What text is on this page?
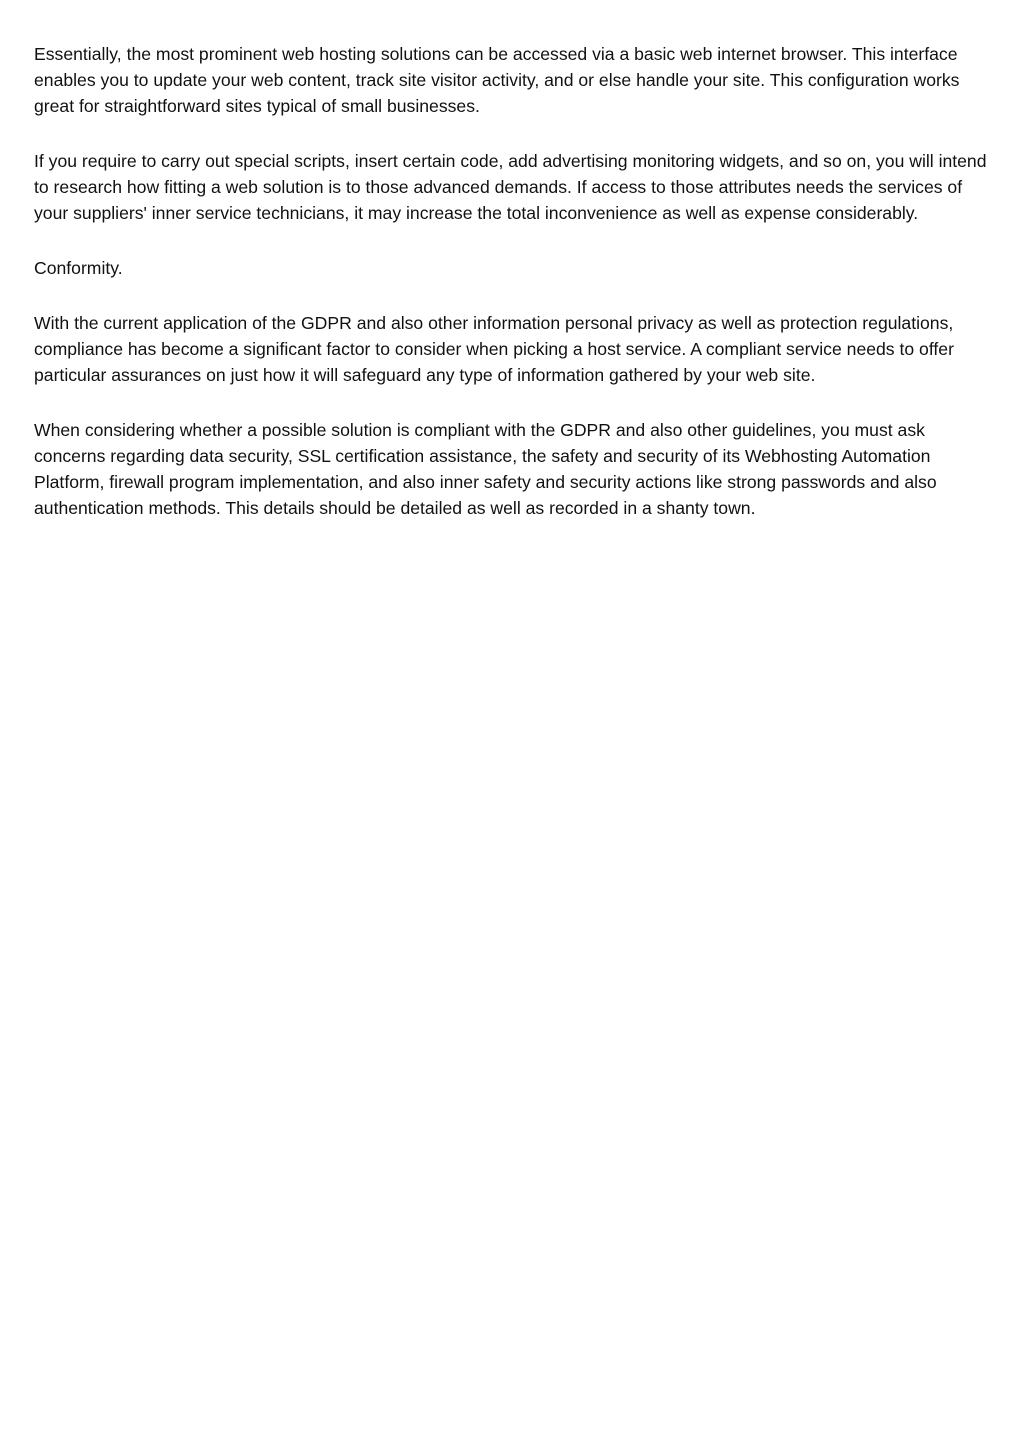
Essentially, the most prominent web hosting solutions can be accessed via a basic web internet browser. This interface enables you to update your web content, track site visitor activity, and or else handle your site. This configuration works great for straightforward sites typical of small businesses.

If you require to carry out special scripts, insert certain code, add advertising monitoring widgets, and so on, you will intend to research how fitting a web solution is to those advanced demands. If access to those attributes needs the services of your suppliers' inner service technicians, it may increase the total inconvenience as well as expense considerably.

Conformity.

With the current application of the GDPR and also other information personal privacy as well as protection regulations, compliance has become a significant factor to consider when picking a host service. A compliant service needs to offer particular assurances on just how it will safeguard any type of information gathered by your web site.

When considering whether a possible solution is compliant with the GDPR and also other guidelines, you must ask concerns regarding data security, SSL certification assistance, the safety and security of its Webhosting Automation Platform, firewall program implementation, and also inner safety and security actions like strong passwords and also authentication methods. This details should be detailed as well as recorded in a shanty town.
